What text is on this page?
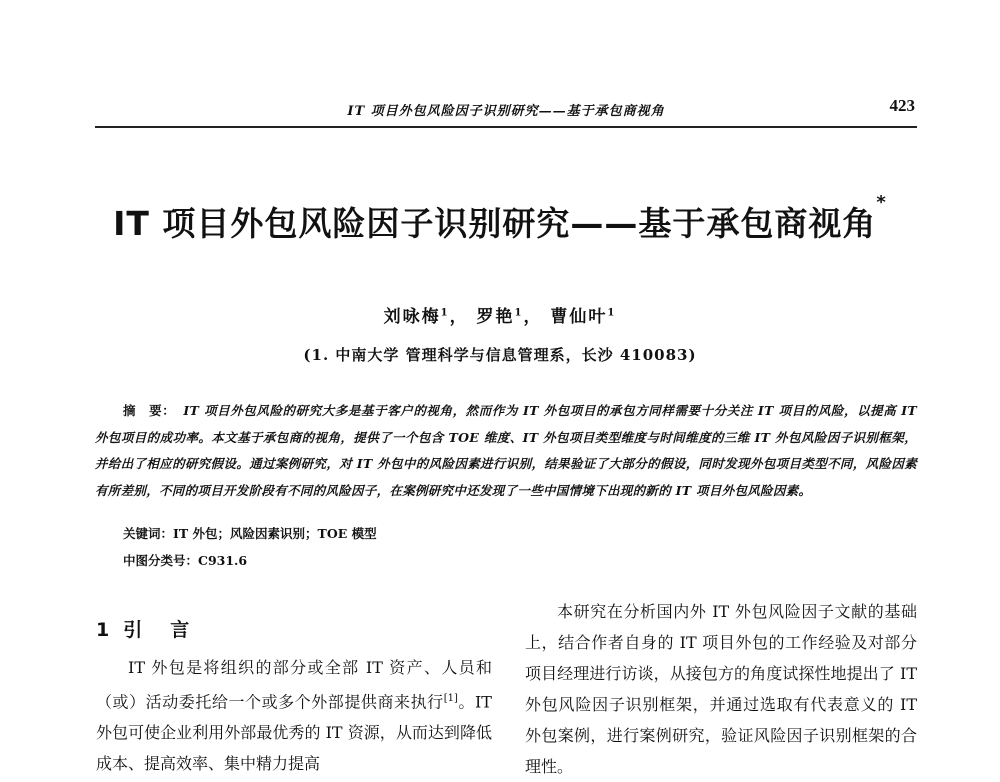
IT 项目外包风险因子识别研究——基于承包商视角	423
IT 项目外包风险因子识别研究——基于承包商视角*
刘咏梅$^1$， 罗艳$^1$， 曹仙叶$^1$
(1. 中南大学 管理科学与信息管理系，长沙 410083)
摘　要： IT 项目外包风险的研究大多是基于客户的视角，然而作为 IT 外包项目的承包方同样需要十分关注 IT 项目的风险，以提高 IT 外包项目的成功率。本文基于承包商的视角，提供了一个包含 TOE 维度、IT 外包项目类型维度与时间维度的三维 IT 外包风险因子识别框架，并给出了相应的研究假设。通过案例研究，对 IT 外包中的风险因素进行识别，结果验证了大部分的假设，同时发现外包项目类型不同，风险因素有所差别，不同的项目开发阶段有不同的风险因子，在案例研究中还发现了一些中国情境下出现的新的 IT 项目外包风险因素。
关键词：IT 外包；风险因素识别；TOE 模型
中图分类号：C931.6
1 引 言
IT 外包是将组织的部分或全部 IT 资产、人员和（或）活动委托给一个或多个外部提供商来执行[1]。IT 外包可使企业利用外部最优秀的 IT 资源，从而达到降低成本、提高效率、集中精力提高
本研究在分析国内外 IT 外包风险因子文献的基础上，结合作者自身的 IT 项目外包的工作经验及对部分项目经理进行访谈，从接包方的角度试探性地提出了 IT 外包风险因子识别框架，并通过选取有代表意义的 IT 外包案例，进行案例研究，验证风险因子识别框架的合理性。
